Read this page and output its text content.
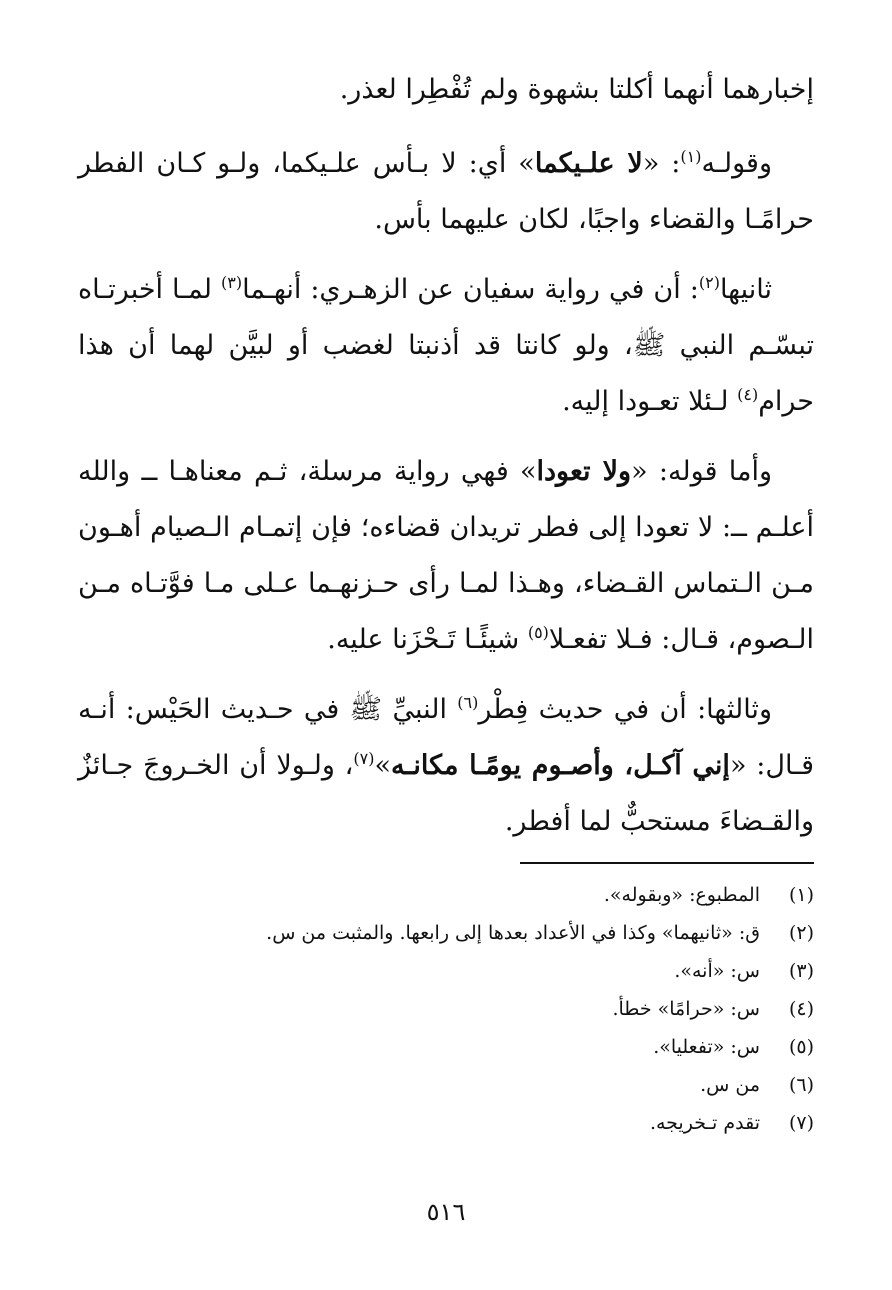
إخبارهما أنهما أكلتا بشهوة ولم تُفْطِرا لعذر.

وقولـه$^{(١)}$: «لا علـيكما» أي: لا بـأس علـيكما، ولـو كـان الفطر حرامًـا والقضاء واجبًا، لكان عليهما بأس.

ثانيها$^{(٢)}$: أن في رواية سفيان عن الزهـري: أنهـما$^{(٣)}$ لمـا أخبرتـاه تبسّـم النبي ﷺ، ولو كانتا قد أذنبتا لغضب أو لبيَّن لهما أن هذا حرام$^{(٤)}$ لـئلا تعـودا إليه.

وأما قوله: «ولا تعودا» فهي رواية مرسلة، ثـم معناهـا ــ والله أعلـم ــ: لا تعودا إلى فطر تريدان قضاءه؛ فإن إتمـام الـصيام أهـون مـن الـتماس القـضاء، وهـذا لمـا رأى حـزنهـما عـلى مـا فوَّتـاه مـن الـصوم، قـال: فـلا تفعـلا$^{(٥)}$ شيئًـا تَـحْزَنا عليه.

وثالثها: أن في حديث فِطْر$^{(٦)}$ النبيِّ ﷺ في حـديث الحَيْس: أنـه قـال: «إني آكـل، وأصـوم يومًـا مكانـه»$^{(٧)}$، ولـولا أن الخـروجَ جـائزٌ والقـضاءَ مستحبٌّ لما أفطر.

(١)
المطبوع: «وبقوله».
(٢)
ق: «ثانيهما» وكذا في الأعداد بعدها إلى رابعها. والمثبت من س.
(٣)
س: «أنه».
(٤)
س: «حرامًا» خطأ.
(٥)
س: «تفعليا».
(٦)
من س.
(٧)
تقدم تـخريجه.
٥١٦
